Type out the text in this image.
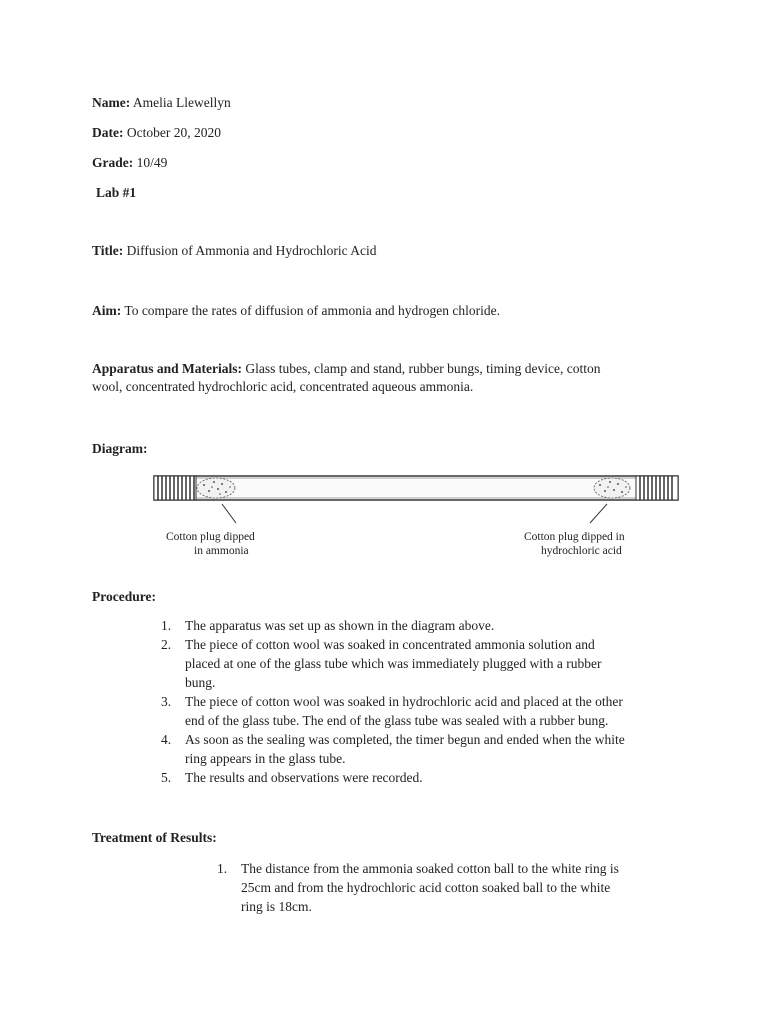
Name: Amelia Llewellyn
Date: October 20, 2020
Grade: 10/49
Lab #1
Title: Diffusion of Ammonia and Hydrochloric Acid
Aim: To compare the rates of diffusion of ammonia and hydrogen chloride.
Apparatus and Materials: Glass tubes, clamp and stand, rubber bungs, timing device, cotton
wool, concentrated hydrochloric acid, concentrated aqueous ammonia.
Diagram:
Cotton plug dipped
in ammonia
Cotton plug dipped in
hydrochloric acid
Procedure:
1. The apparatus was set up as shown in the diagram above.
2. The piece of cotton wool was soaked in concentrated ammonia solution and
placed at one of the glass tube which was immediately plugged with a rubber
bung.
3. The piece of cotton wool was soaked in hydrochloric acid and placed at the other
end of the glass tube. The end of the glass tube was sealed with a rubber bung.
4. As soon as the sealing was completed, the timer begun and ended when the white
ring appears in the glass tube.
5. The results and observations were recorded.
Treatment of Results:
1. The distance from the ammonia soaked cotton ball to the white ring is
25cm and from the hydrochloric acid cotton soaked ball to the white
ring is 18cm.
